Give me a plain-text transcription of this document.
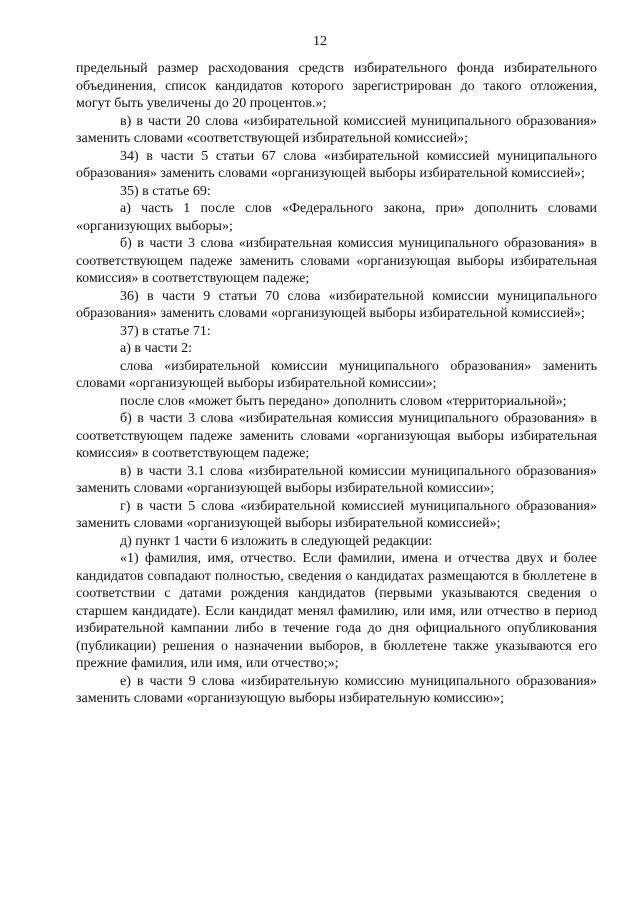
12

предельный размер расходования средств избирательного фонда избирательного объединения, список кандидатов которого зарегистрирован до такого отложения, могут быть увеличены до 20 процентов.»;

в) в части 20 слова «избирательной комиссией муниципального образования» заменить словами «соответствующей избирательной комиссией»;

34) в части 5 статьи 67 слова «избирательной комиссией муниципального образования» заменить словами «организующей выборы избирательной комиссией»;

35) в статье 69:

а) часть 1 после слов «Федерального закона, при» дополнить словами «организующих выборы»;

б) в части 3 слова «избирательная комиссия муниципального образования» в соответствующем падеже заменить словами «организующая выборы избирательная комиссия» в соответствующем падеже;

36) в части 9 статьи 70 слова «избирательной комиссии муниципального образования» заменить словами «организующей выборы избирательной комиссией»;

37) в статье 71:

а) в части 2:

слова «избирательной комиссии муниципального образования» заменить словами «организующей выборы избирательной комиссии»;

после слов «может быть передано» дополнить словом «территориальной»;

б) в части 3 слова «избирательная комиссия муниципального образования» в соответствующем падеже заменить словами «организующая выборы избирательная комиссия» в соответствующем падеже;

в) в части 3.1 слова «избирательной комиссии муниципального образования» заменить словами «организующей выборы избирательной комиссии»;

г) в части 5 слова «избирательной комиссией муниципального образования» заменить словами «организующей выборы избирательной комиссией»;

д) пункт 1 части 6 изложить в следующей редакции:

«1) фамилия, имя, отчество. Если фамилии, имена и отчества двух и более кандидатов совпадают полностью, сведения о кандидатах размещаются в бюллетене в соответствии с датами рождения кандидатов (первыми указываются сведения о старшем кандидате). Если кандидат менял фамилию, или имя, или отчество в период избирательной кампании либо в течение года до дня официального опубликования (публикации) решения о назначении выборов, в бюллетене также указываются его прежние фамилия, или имя, или отчество;»;

е) в части 9 слова «избирательную комиссию муниципального образования» заменить словами «организующую выборы избирательную комиссию»;
